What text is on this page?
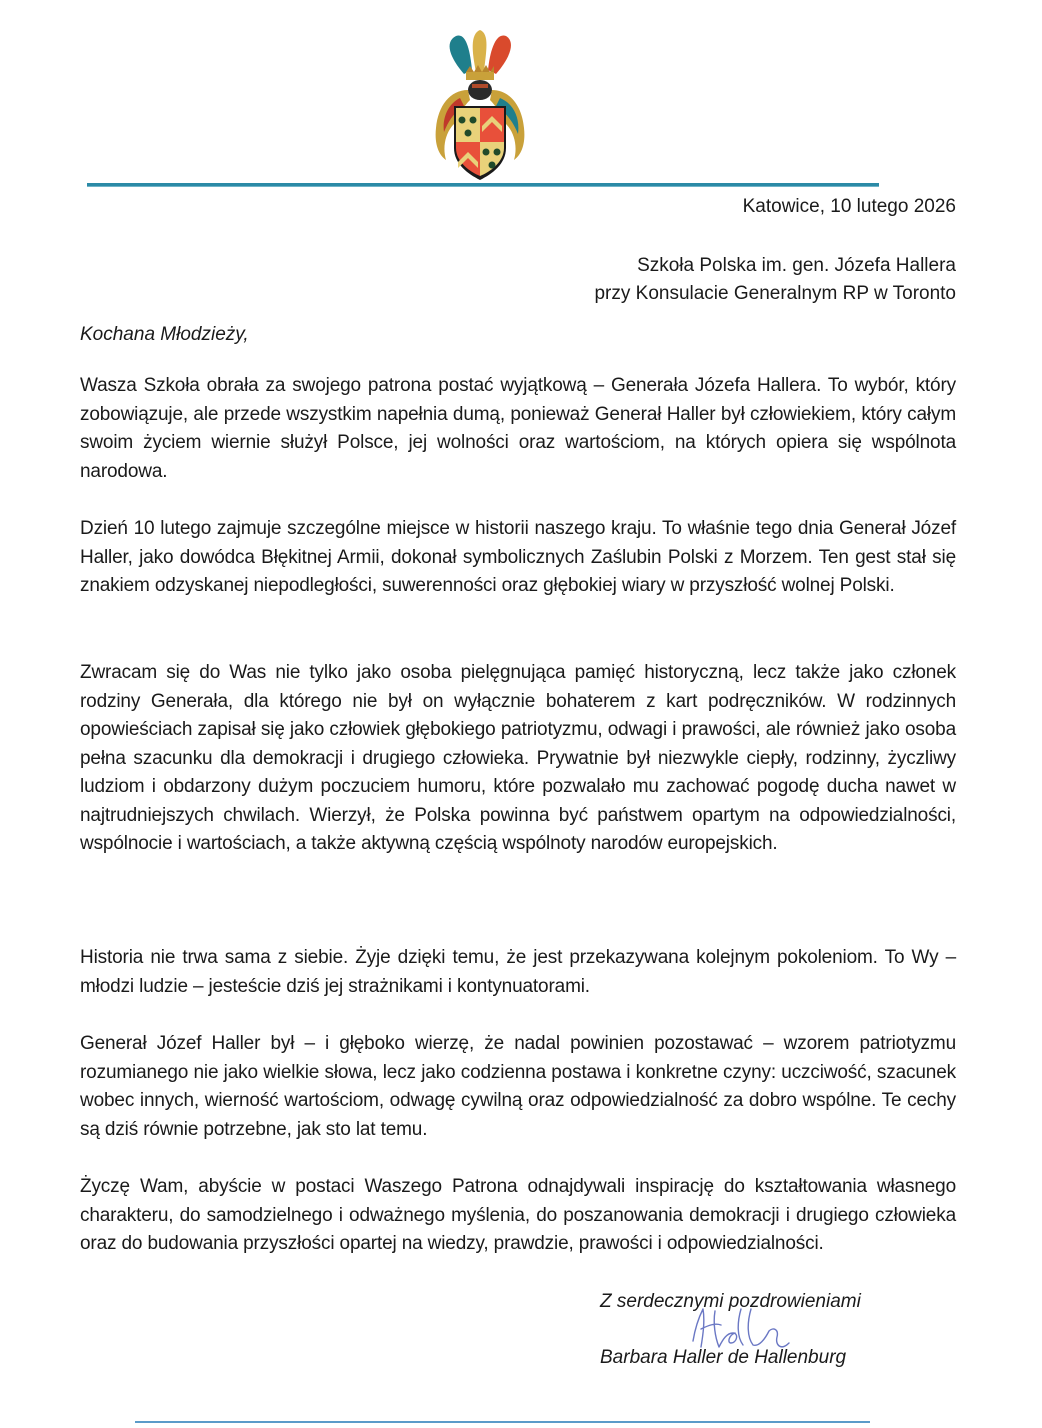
Katowice, 10 lutego 2026
Szkoła Polska im. gen. Józefa Hallera
przy Konsulacie Generalnym RP w Toronto
Kochana Młodzieży,

Wasza Szkoła obrała za swojego patrona postać wyjątkową – Generała Józefa Hallera. To wybór, który zobowiązuje, ale przede wszystkim napełnia dumą, ponieważ Generał Haller był człowiekiem, który całym swoim życiem wiernie służył Polsce, jej wolności oraz wartościom, na których opiera się wspólnota narodowa.

Dzień 10 lutego zajmuje szczególne miejsce w historii naszego kraju. To właśnie tego dnia Generał Józef Haller, jako dowódca Błękitnej Armii, dokonał symbolicznych Zaślubin Polski z Morzem. Ten gest stał się znakiem odzyskanej niepodległości, suwerenności oraz głębokiej wiary w przyszłość wolnej Polski.

Zwracam się do Was nie tylko jako osoba pielęgnująca pamięć historyczną, lecz także jako członek rodziny Generała, dla którego nie był on wyłącznie bohaterem z kart podręczników. W rodzinnych opowieściach zapisał się jako człowiek głębokiego patriotyzmu, odwagi i prawości, ale również jako osoba pełna szacunku dla demokracji i drugiego człowieka. Prywatnie był niezwykle ciepły, rodzinny, życzliwy ludziom i obdarzony dużym poczuciem humoru, które pozwalało mu zachować pogodę ducha nawet w najtrudniejszych chwilach. Wierzył, że Polska powinna być państwem opartym na odpowiedzialności, wspólnocie i wartościach, a także aktywną częścią wspólnoty narodów europejskich.

Historia nie trwa sama z siebie. Żyje dzięki temu, że jest przekazywana kolejnym pokoleniom. To Wy – młodzi ludzie – jesteście dziś jej strażnikami i kontynuatorami.

Generał Józef Haller był – i głęboko wierzę, że nadal powinien pozostawać – wzorem patriotyzmu rozumianego nie jako wielkie słowa, lecz jako codzienna postawa i konkretne czyny: uczciwość, szacunek wobec innych, wierność wartościom, odwagę cywilną oraz odpowiedzialność za dobro wspólne. Te cechy są dziś równie potrzebne, jak sto lat temu.

Życzę Wam, abyście w postaci Waszego Patrona odnajdywali inspirację do kształtowania własnego charakteru, do samodzielnego i odważnego myślenia, do poszanowania demokracji i drugiego człowieka oraz do budowania przyszłości opartej na wiedzy, prawdzie, prawości i odpowiedzialności.

Z serdecznymi pozdrowieniami
Barbara Haller de Hallenburg
